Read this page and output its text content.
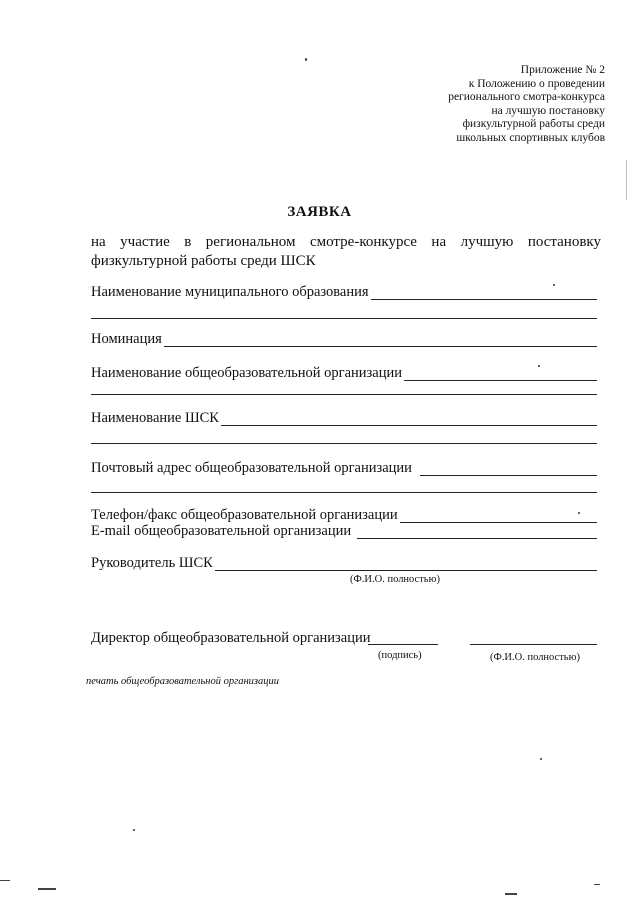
Приложение № 2
к Положению о проведении
регионального смотра-конкурса
на лучшую постановку
физкультурной работы среди
школьных спортивных клубов
ЗАЯВКА
на участие в региональном смотре-конкурсе на лучшую постановку физкультурной работы среди ШСК
Наименование муниципального образования
Номинация
Наименование общеобразовательной организации
Наименование ШСК
Почтовый адрес общеобразовательной организации
Телефон/факс общеобразовательной организации
E-mail общеобразовательной организации
Руководитель ШСК
(Ф.И.О. полностью)
Директор общеобразовательной организации
(подпись)	(Ф.И.О. полностью)
печать общеобразовательной организации
